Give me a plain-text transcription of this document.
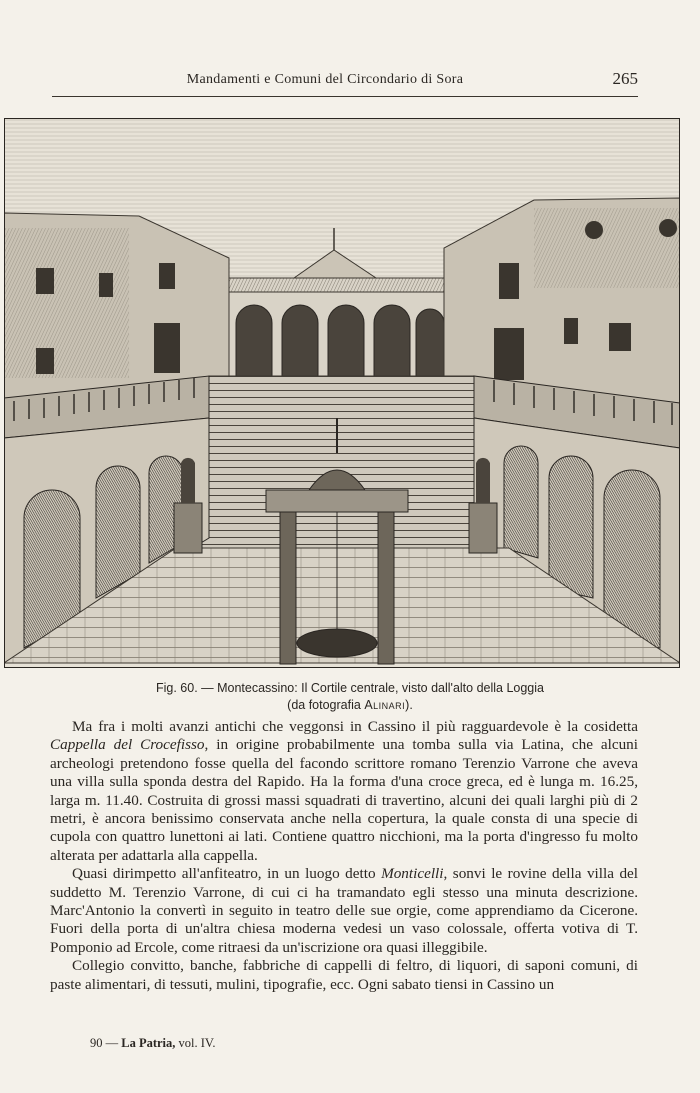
Mandamenti e Comuni del Circondario di Sora	265
Fig. 60. — Montecassino: Il Cortile centrale, visto dall'alto della Loggia
(da fotografia Alinari).

Ma fra i molti avanzi antichi che veggonsi in Cassino il più ragguardevole è la cosidetta Cappella del Crocefisso, in origine probabilmente una tomba sulla via Latina, che alcuni archeologi pretendono fosse quella del facondo scrittore romano Terenzio Varrone che aveva una villa sulla sponda destra del Rapido. Ha la forma d'una croce greca, ed è lunga m. 16.25, larga m. 11.40. Costruita di grossi massi squadrati di travertino, alcuni dei quali larghi più di 2 metri, è ancora benissimo conservata anche nella copertura, la quale consta di una specie di cupola con quattro lunettoni ai lati. Contiene quattro nicchioni, ma la porta d'ingresso fu molto alterata per adattarla alla cappella.

Quasi dirimpetto all'anfiteatro, in un luogo detto Monticelli, sonvi le rovine della villa del suddetto M. Terenzio Varrone, di cui ci ha tramandato egli stesso una minuta descrizione. Marc'Antonio la convertì in seguito in teatro delle sue orgie, come apprendiamo da Cicerone. Fuori della porta di un'altra chiesa moderna vedesi un vaso colossale, offerta votiva di T. Pomponio ad Ercole, come ritraesi da un'iscrizione ora quasi illeggibile.

Collegio convitto, banche, fabbriche di cappelli di feltro, di liquori, di saponi comuni, di paste alimentari, di tessuti, mulini, tipografie, ecc. Ogni sabato tiensi in Cassino un

90 — La Patria, vol. IV.
